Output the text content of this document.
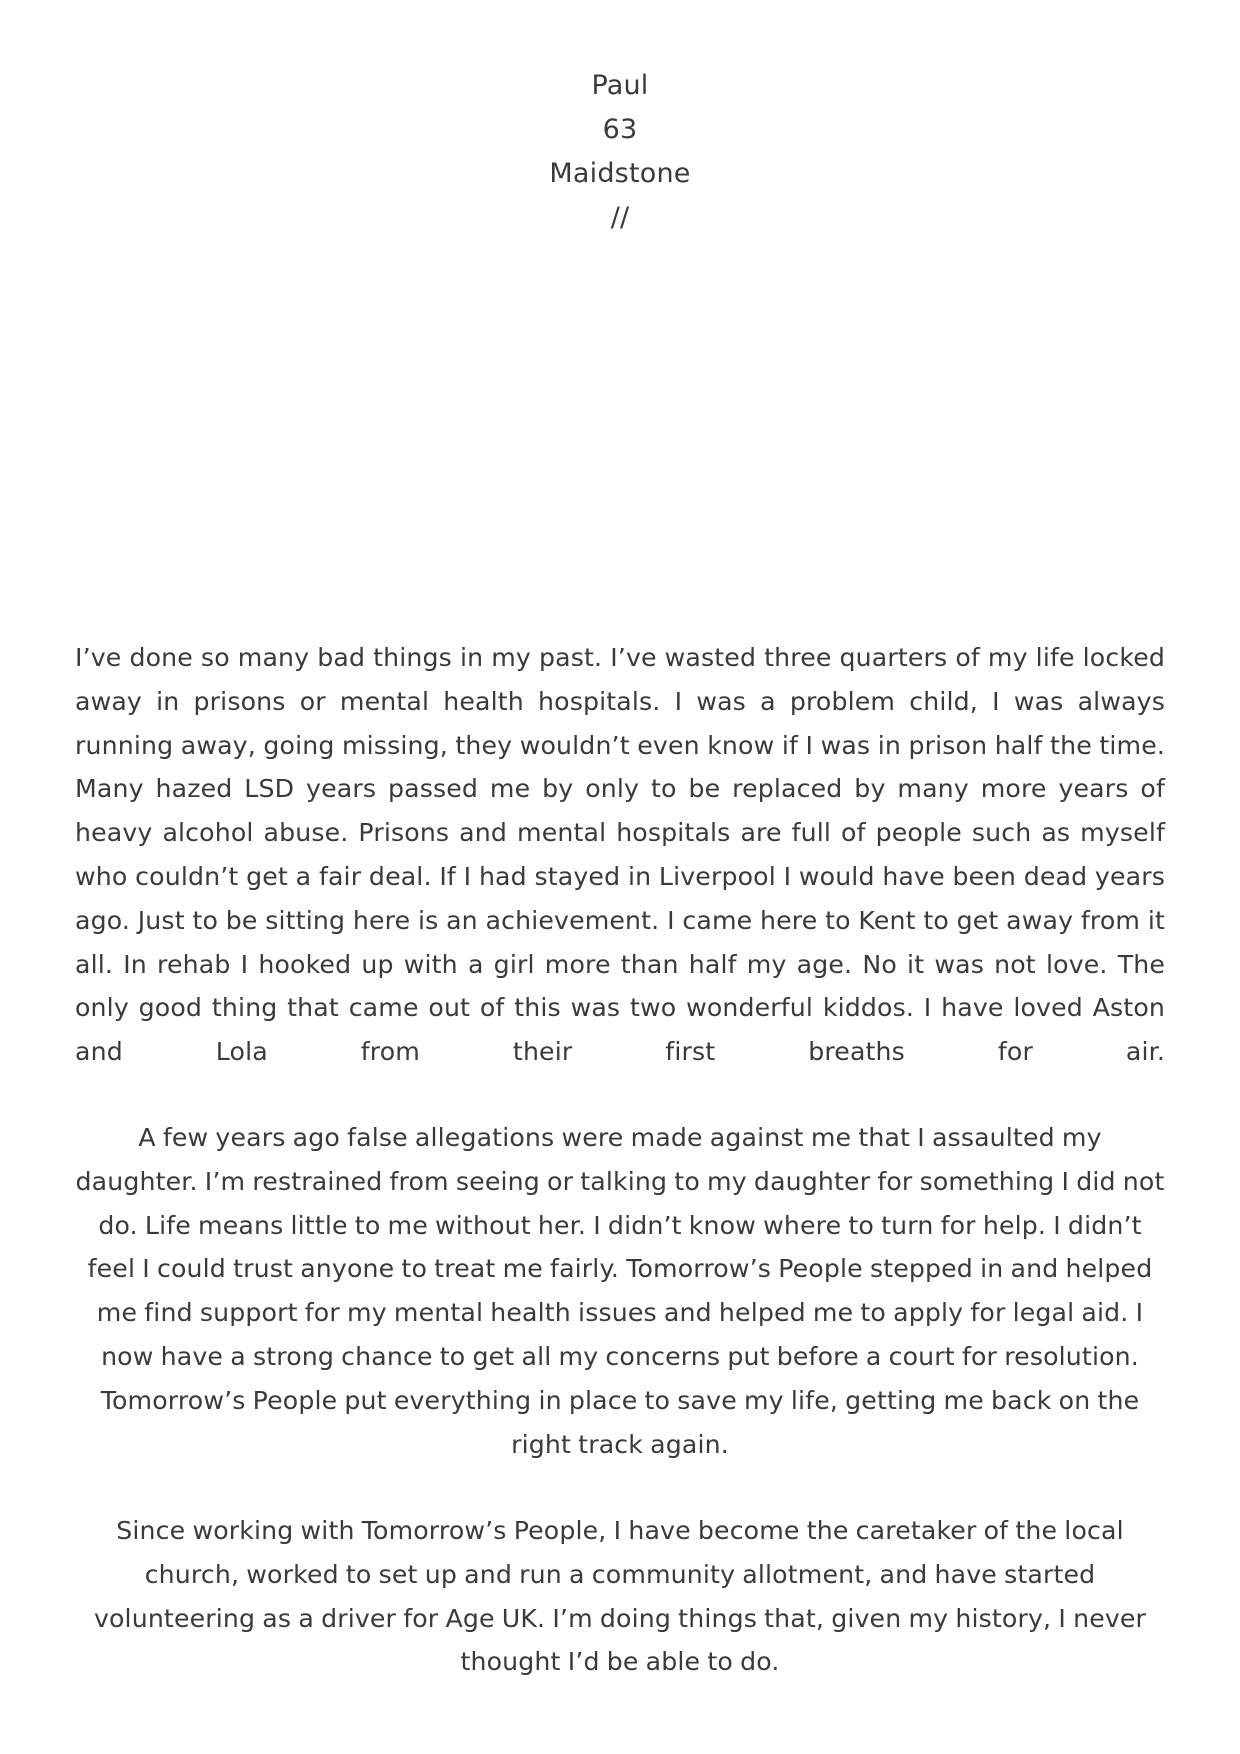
Paul
63
Maidstone
//

I’ve done so many bad things in my past. I’ve wasted three quarters of my life locked away in prisons or mental health hospitals. I was a problem child, I was always running away, going missing, they wouldn’t even know if I was in prison half the time. Many hazed LSD years passed me by only to be replaced by many more years of heavy alcohol abuse. Prisons and mental hospitals are full of people such as myself who couldn’t get a fair deal. If I had stayed in Liverpool I would have been dead years ago. Just to be sitting here is an achievement. I came here to Kent to get away from it all. In rehab I hooked up with a girl more than half my age. No it was not love. The only good thing that came out of this was two wonderful kiddos. I have loved Aston and Lola from their first breaths for air.

A few years ago false allegations were made against me that I assaulted my daughter. I’m restrained from seeing or talking to my daughter for something I did not do. Life means little to me without her. I didn’t know where to turn for help. I didn’t feel I could trust anyone to treat me fairly. Tomorrow’s People stepped in and helped me find support for my mental health issues and helped me to apply for legal aid. I now have a strong chance to get all my concerns put before a court for resolution. Tomorrow’s People put everything in place to save my life, getting me back on the right track again.

Since working with Tomorrow’s People, I have become the caretaker of the local church, worked to set up and run a community allotment, and have started volunteering as a driver for Age UK. I’m doing things that, given my history, I never thought I’d be able to do.
